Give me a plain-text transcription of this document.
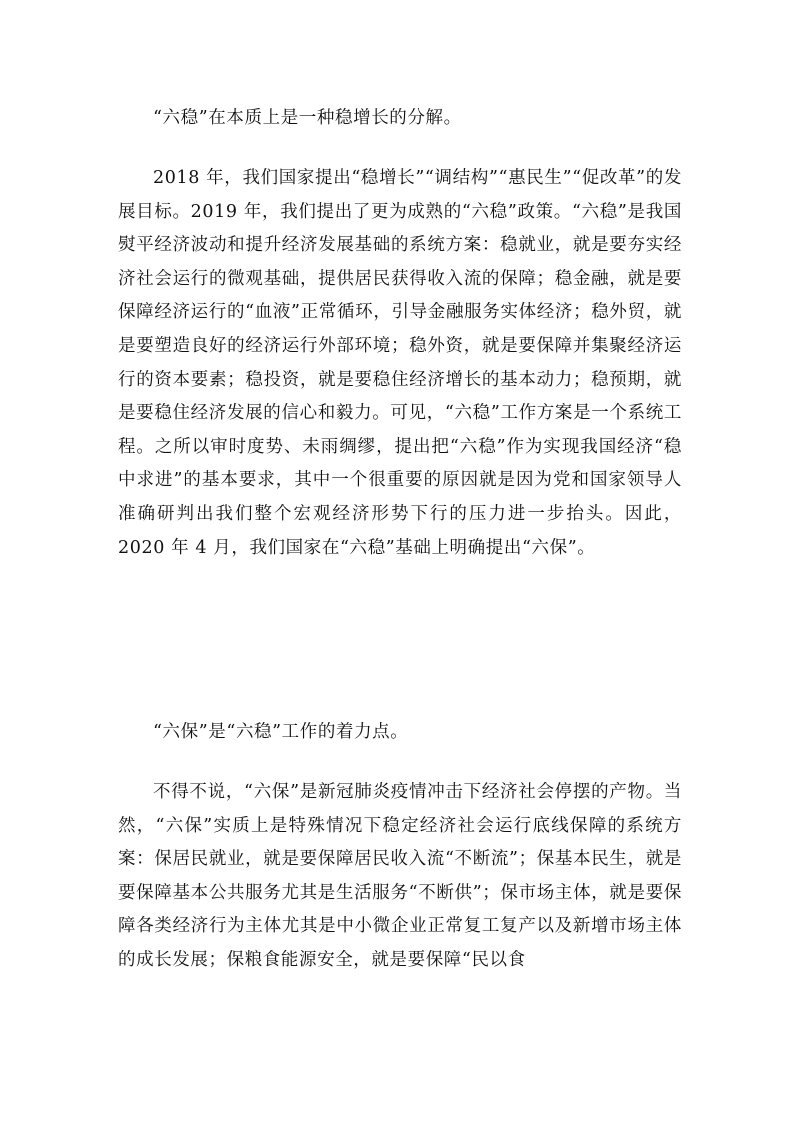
“六稳”在本质上是一种稳增长的分解。

2018 年，我们国家提出“稳增长”“调结构”“惠民生”“促改革”的发展目标。2019 年，我们提出了更为成熟的“六稳”政策。“六稳”是我国熨平经济波动和提升经济发展基础的系统方案：稳就业，就是要夯实经济社会运行的微观基础，提供居民获得收入流的保障；稳金融，就是要保障经济运行的“血液”正常循环，引导金融服务实体经济；稳外贸，就是要塑造良好的经济运行外部环境；稳外资，就是要保障并集聚经济运行的资本要素；稳投资，就是要稳住经济增长的基本动力；稳预期，就是要稳住经济发展的信心和毅力。可见，“六稳”工作方案是一个系统工程。之所以审时度势、未雨绸缪，提出把“六稳”作为实现我国经济“稳中求进”的基本要求，其中一个很重要的原因就是因为党和国家领导人准确研判出我们整个宏观经济形势下行的压力进一步抬头。因此，2020 年 4 月，我们国家在“六稳”基础上明确提出“六保”。

“六保”是“六稳”工作的着力点。

不得不说，“六保”是新冠肺炎疫情冲击下经济社会停摆的产物。当然，“六保”实质上是特殊情况下稳定经济社会运行底线保障的系统方案：保居民就业，就是要保障居民收入流“不断流”；保基本民生，就是要保障基本公共服务尤其是生活服务“不断供”；保市场主体，就是要保障各类经济行为主体尤其是中小微企业正常复工复产以及新增市场主体的成长发展；保粮食能源安全，就是要保障“民以食
